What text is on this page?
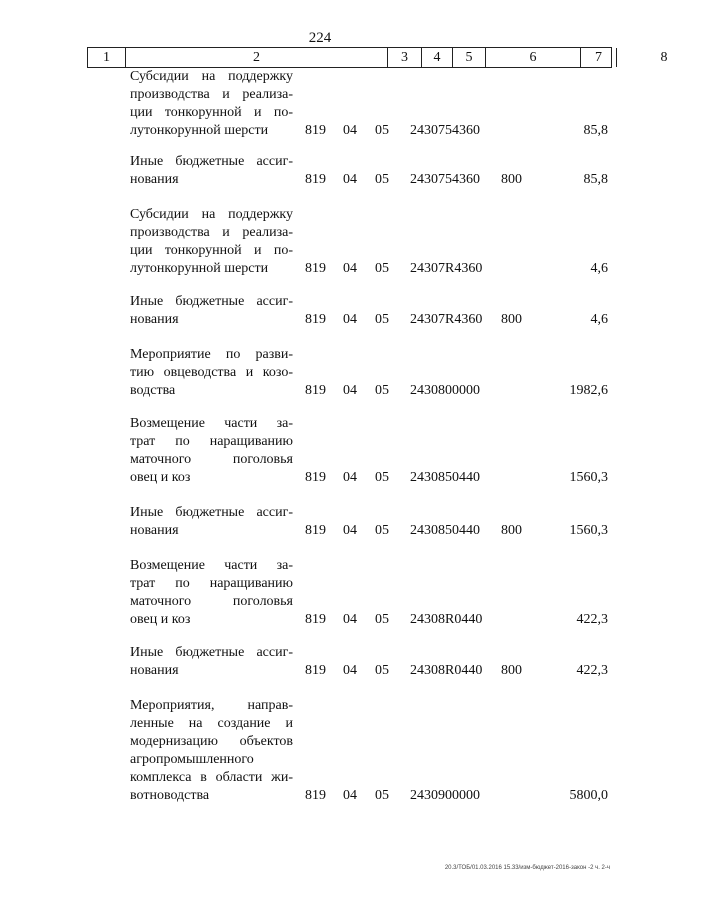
224
1	2	3	4	5	6	7	8
Субсидии на поддержку
производства и реализа-
ции тонкорунной и по-
лутонкорунной шерсти	819 04 05 2430754360	85,8
Иные бюджетные ассиг-
нования	819 04 05 2430754360 800	85,8
Субсидии на поддержку
производства и реализа-
ции тонкорунной и по-
лутонкорунной шерсти	819 04 05 24307R4360	4,6
Иные бюджетные ассиг-
нования	819 04 05 24307R4360 800	4,6
Мероприятие по разви-
тию овцеводства и козо-
водства	819 04 05 2430800000	1982,6
Возмещение части за-
трат по наращиванию
маточного поголовья
овец и коз	819 04 05 2430850440	1560,3
Иные бюджетные ассиг-
нования	819 04 05 2430850440 800	1560,3
Возмещение части за-
трат по наращиванию
маточного поголовья
овец и коз	819 04 05 24308R0440	422,3
Иные бюджетные ассиг-
нования	819 04 05 24308R0440 800	422,3
Мероприятия, направ-
ленные на создание и
модернизацию объектов
агропромышленного
комплекса в области жи-
вотноводства	819 04 05 2430900000	5800,0
20.3/ТОБ/01.03.2016 15.33/изм-бюджет-2016-закон -2 ч. 2-ч
